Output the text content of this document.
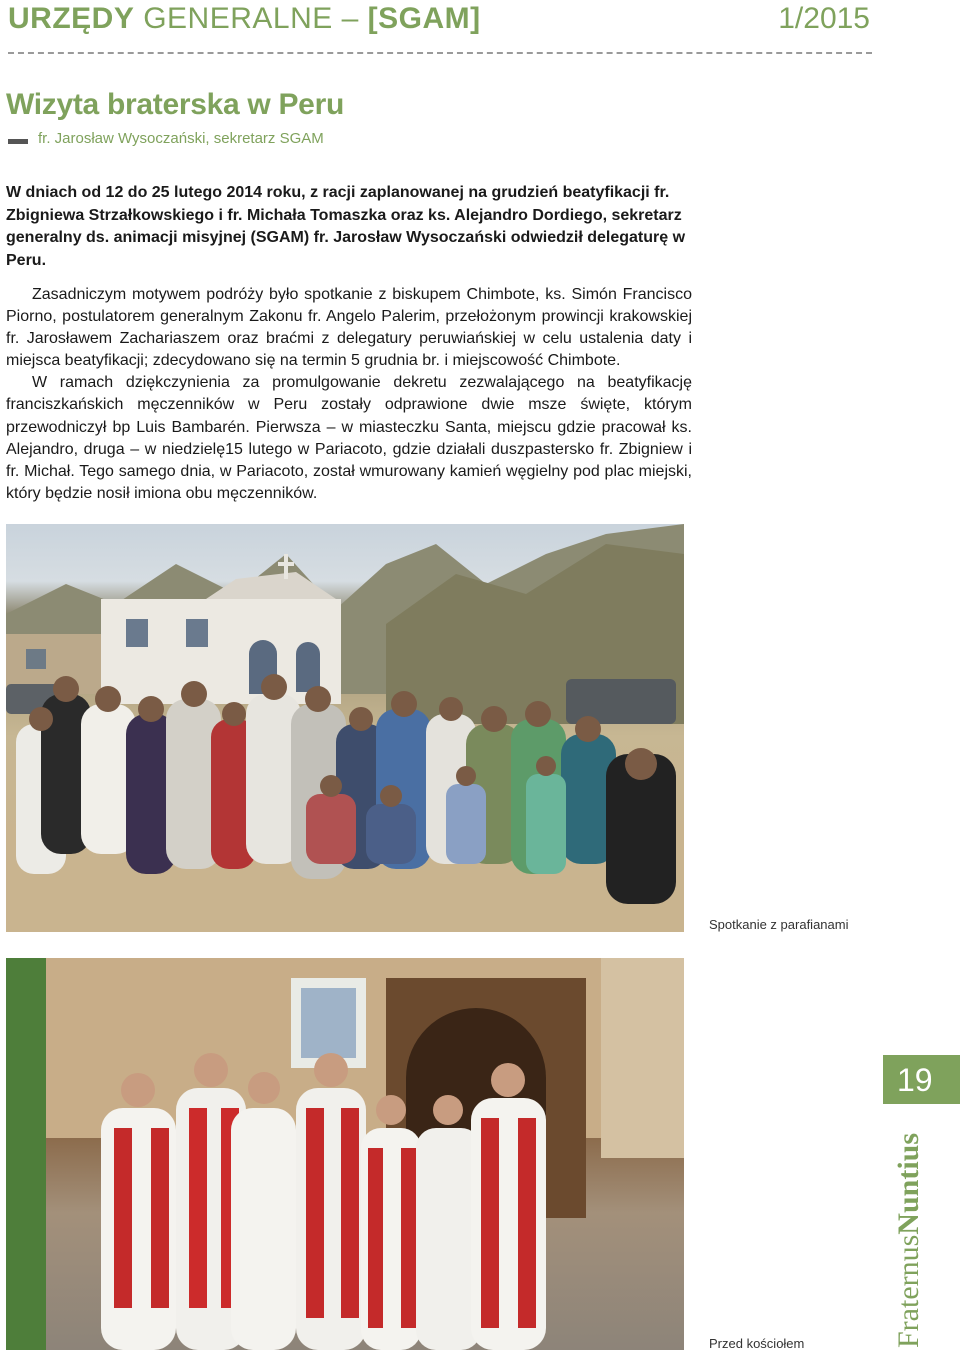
URZĘDY GENERALNE – [SGAM]	1/2015
Wizyta braterska w Peru
fr. Jarosław Wysoczański, sekretarz SGAM
W dniach od 12 do 25 lutego 2014 roku, z racji zaplanowanej na grudzień beatyfikacji fr. Zbigniewa Strzałkowskiego i fr. Michała Tomaszka oraz ks. Alejandro Dordiego, sekretarz generalny ds. animacji misyjnej (SGAM) fr. Jarosław Wysoczański odwiedził delegaturę w Peru.

Zasadniczym motywem podróży było spotkanie z biskupem Chimbote, ks. Simón Francisco Piorno, postulatorem generalnym Zakonu fr. Angelo Palerim, przełożonym prowincji krakowskiej fr. Jarosławem Zachariaszem oraz braćmi z delegatury peruwiańskiej w celu ustalenia daty i miejsca beatyfikacji; zdecydowano się na termin 5 grudnia br. i miejscowość Chimbote.

W ramach dziękczynienia za promulgowanie dekretu zezwalającego na beatyfikację franciszkańskich męczenników w Peru zostały odprawione dwie msze święte, którym przewodniczył bp Luis Bambarén. Pierwsza – w miasteczku Santa, miejscu gdzie pracował ks. Alejandro, druga – w niedzielę15 lutego w Pariacoto, gdzie działali duszpastersko fr. Zbigniew i fr. Michał. Tego samego dnia, w Pariacoto, został wmurowany kamień węgielny pod plac miejski, który będzie nosił imiona obu męczenników.

Spotkanie z parafianami
Przed kościołem
19
FraternusNuntius
